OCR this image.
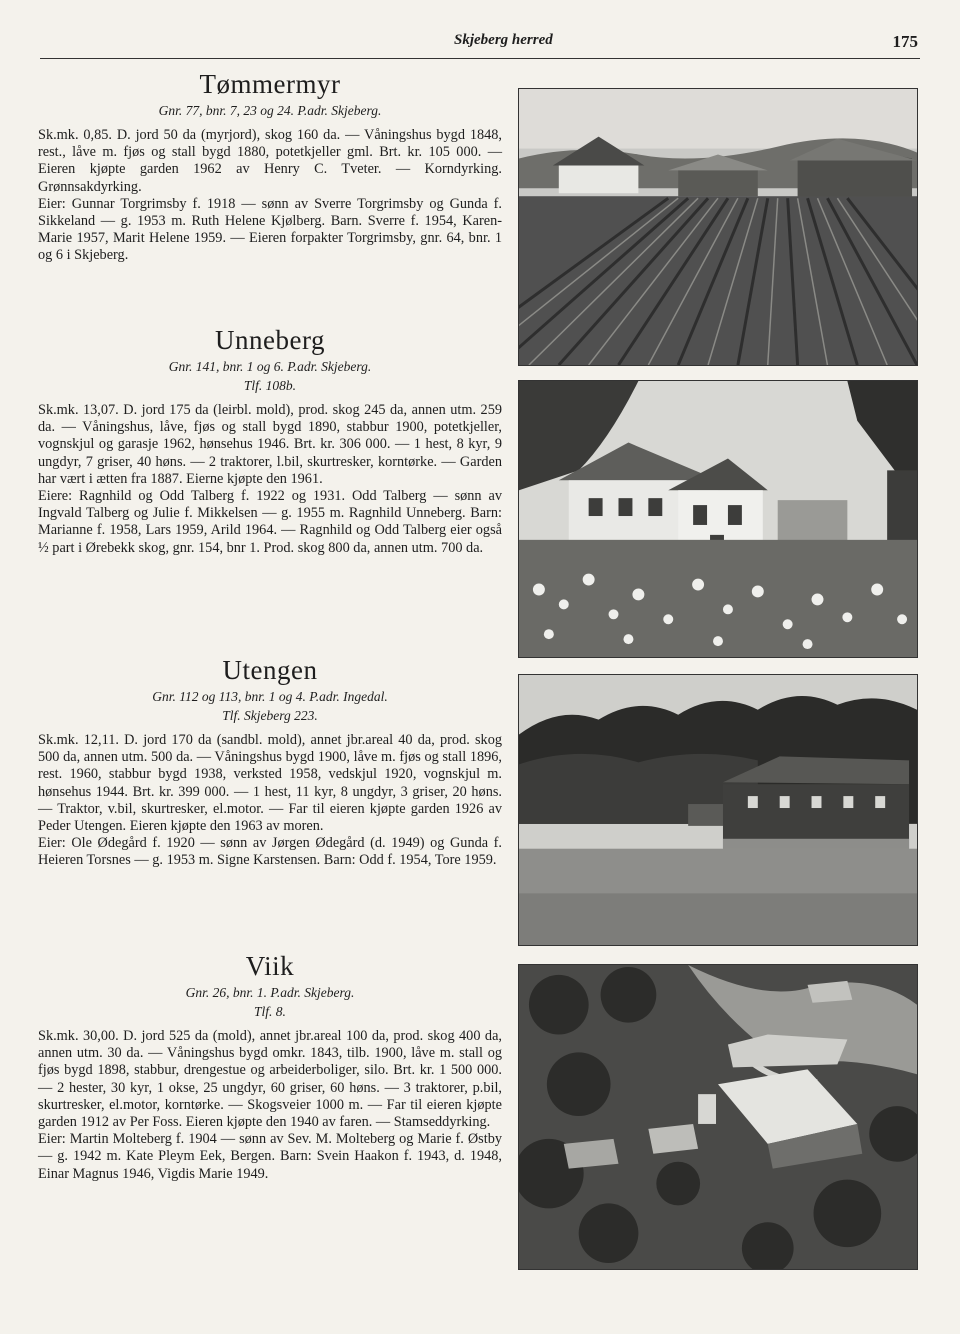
Skjeberg herred	175
Tømmermyr
Gnr. 77, bnr. 7, 23 og 24. P.adr. Skjeberg.

Sk.mk. 0,85. D. jord 50 da (myrjord), skog 160 da. — Våningshus bygd 1848, rest., låve m. fjøs og stall bygd 1880, potetkjeller gml. Brt. kr. 105 000. — Eieren kjøpte garden 1962 av Henry C. Tveter. — Korndyrking. Grønnsakdyrking.

Eier: Gunnar Torgrimsby f. 1918 — sønn av Sverre Torgrimsby og Gunda f. Sikkeland — g. 1953 m. Ruth Helene Kjølberg. Barn. Sverre f. 1954, Karen-Marie 1957, Marit Helene 1959. — Eieren forpakter Torgrimsby, gnr. 64, bnr. 1 og 6 i Skjeberg.

Unneberg
Gnr. 141, bnr. 1 og 6. P.adr. Skjeberg.
Tlf. 108b.

Sk.mk. 13,07. D. jord 175 da (leirbl. mold), prod. skog 245 da, annen utm. 259 da. — Våningshus, låve, fjøs og stall bygd 1890, stabbur 1900, potetkjeller, vognskjul og garasje 1962, hønsehus 1946. Brt. kr. 306 000. — 1 hest, 8 kyr, 9 ungdyr, 7 griser, 40 høns. — 2 traktorer, l.bil, skurtresker, korntørke. — Garden har vært i ætten fra 1887. Eierne kjøpte den 1961.

Eiere: Ragnhild og Odd Talberg f. 1922 og 1931. Odd Talberg — sønn av Ingvald Talberg og Julie f. Mikkelsen — g. 1955 m. Ragnhild Unneberg. Barn: Marianne f. 1958, Lars 1959, Arild 1964. — Ragnhild og Odd Talberg eier også ½ part i Ørebekk skog, gnr. 154, bnr 1. Prod. skog 800 da, annen utm. 700 da.

Utengen
Gnr. 112 og 113, bnr. 1 og 4. P.adr. Ingedal.
Tlf. Skjeberg 223.

Sk.mk. 12,11. D. jord 170 da (sandbl. mold), annet jbr.areal 40 da, prod. skog 500 da, annen utm. 500 da. — Våningshus bygd 1900, låve m. fjøs og stall 1896, rest. 1960, stabbur bygd 1938, verksted 1958, vedskjul 1920, vognskjul m. hønsehus 1944. Brt. kr. 399 000. — 1 hest, 11 kyr, 8 ungdyr, 3 griser, 20 høns. — Traktor, v.bil, skurtresker, el.motor. — Far til eieren kjøpte garden 1926 av Peder Utengen. Eieren kjøpte den 1963 av moren.

Eier: Ole Ødegård f. 1920 — sønn av Jørgen Ødegård (d. 1949) og Gunda f. Heieren Torsnes — g. 1953 m. Signe Karstensen. Barn: Odd f. 1954, Tore 1959.

Viik
Gnr. 26, bnr. 1. P.adr. Skjeberg.
Tlf. 8.

Sk.mk. 30,00. D. jord 525 da (mold), annet jbr.areal 100 da, prod. skog 400 da, annen utm. 30 da. — Våningshus bygd omkr. 1843, tilb. 1900, låve m. stall og fjøs bygd 1898, stabbur, drengestue og arbeiderboliger, silo. Brt. kr. 1 500 000. — 2 hester, 30 kyr, 1 okse, 25 ungdyr, 60 griser, 60 høns. — 3 traktorer, p.bil, skurtresker, el.motor, korntørke. — Skogsveier 1000 m. — Far til eieren kjøpte garden 1912 av Per Foss. Eieren kjøpte den 1940 av faren. — Stamseddyrking.

Eier: Martin Molteberg f. 1904 — sønn av Sev. M. Molteberg og Marie f. Østby — g. 1942 m. Kate Pleym Eek, Bergen. Barn: Svein Haakon f. 1943, d. 1948, Einar Magnus 1946, Vigdis Marie 1949.
